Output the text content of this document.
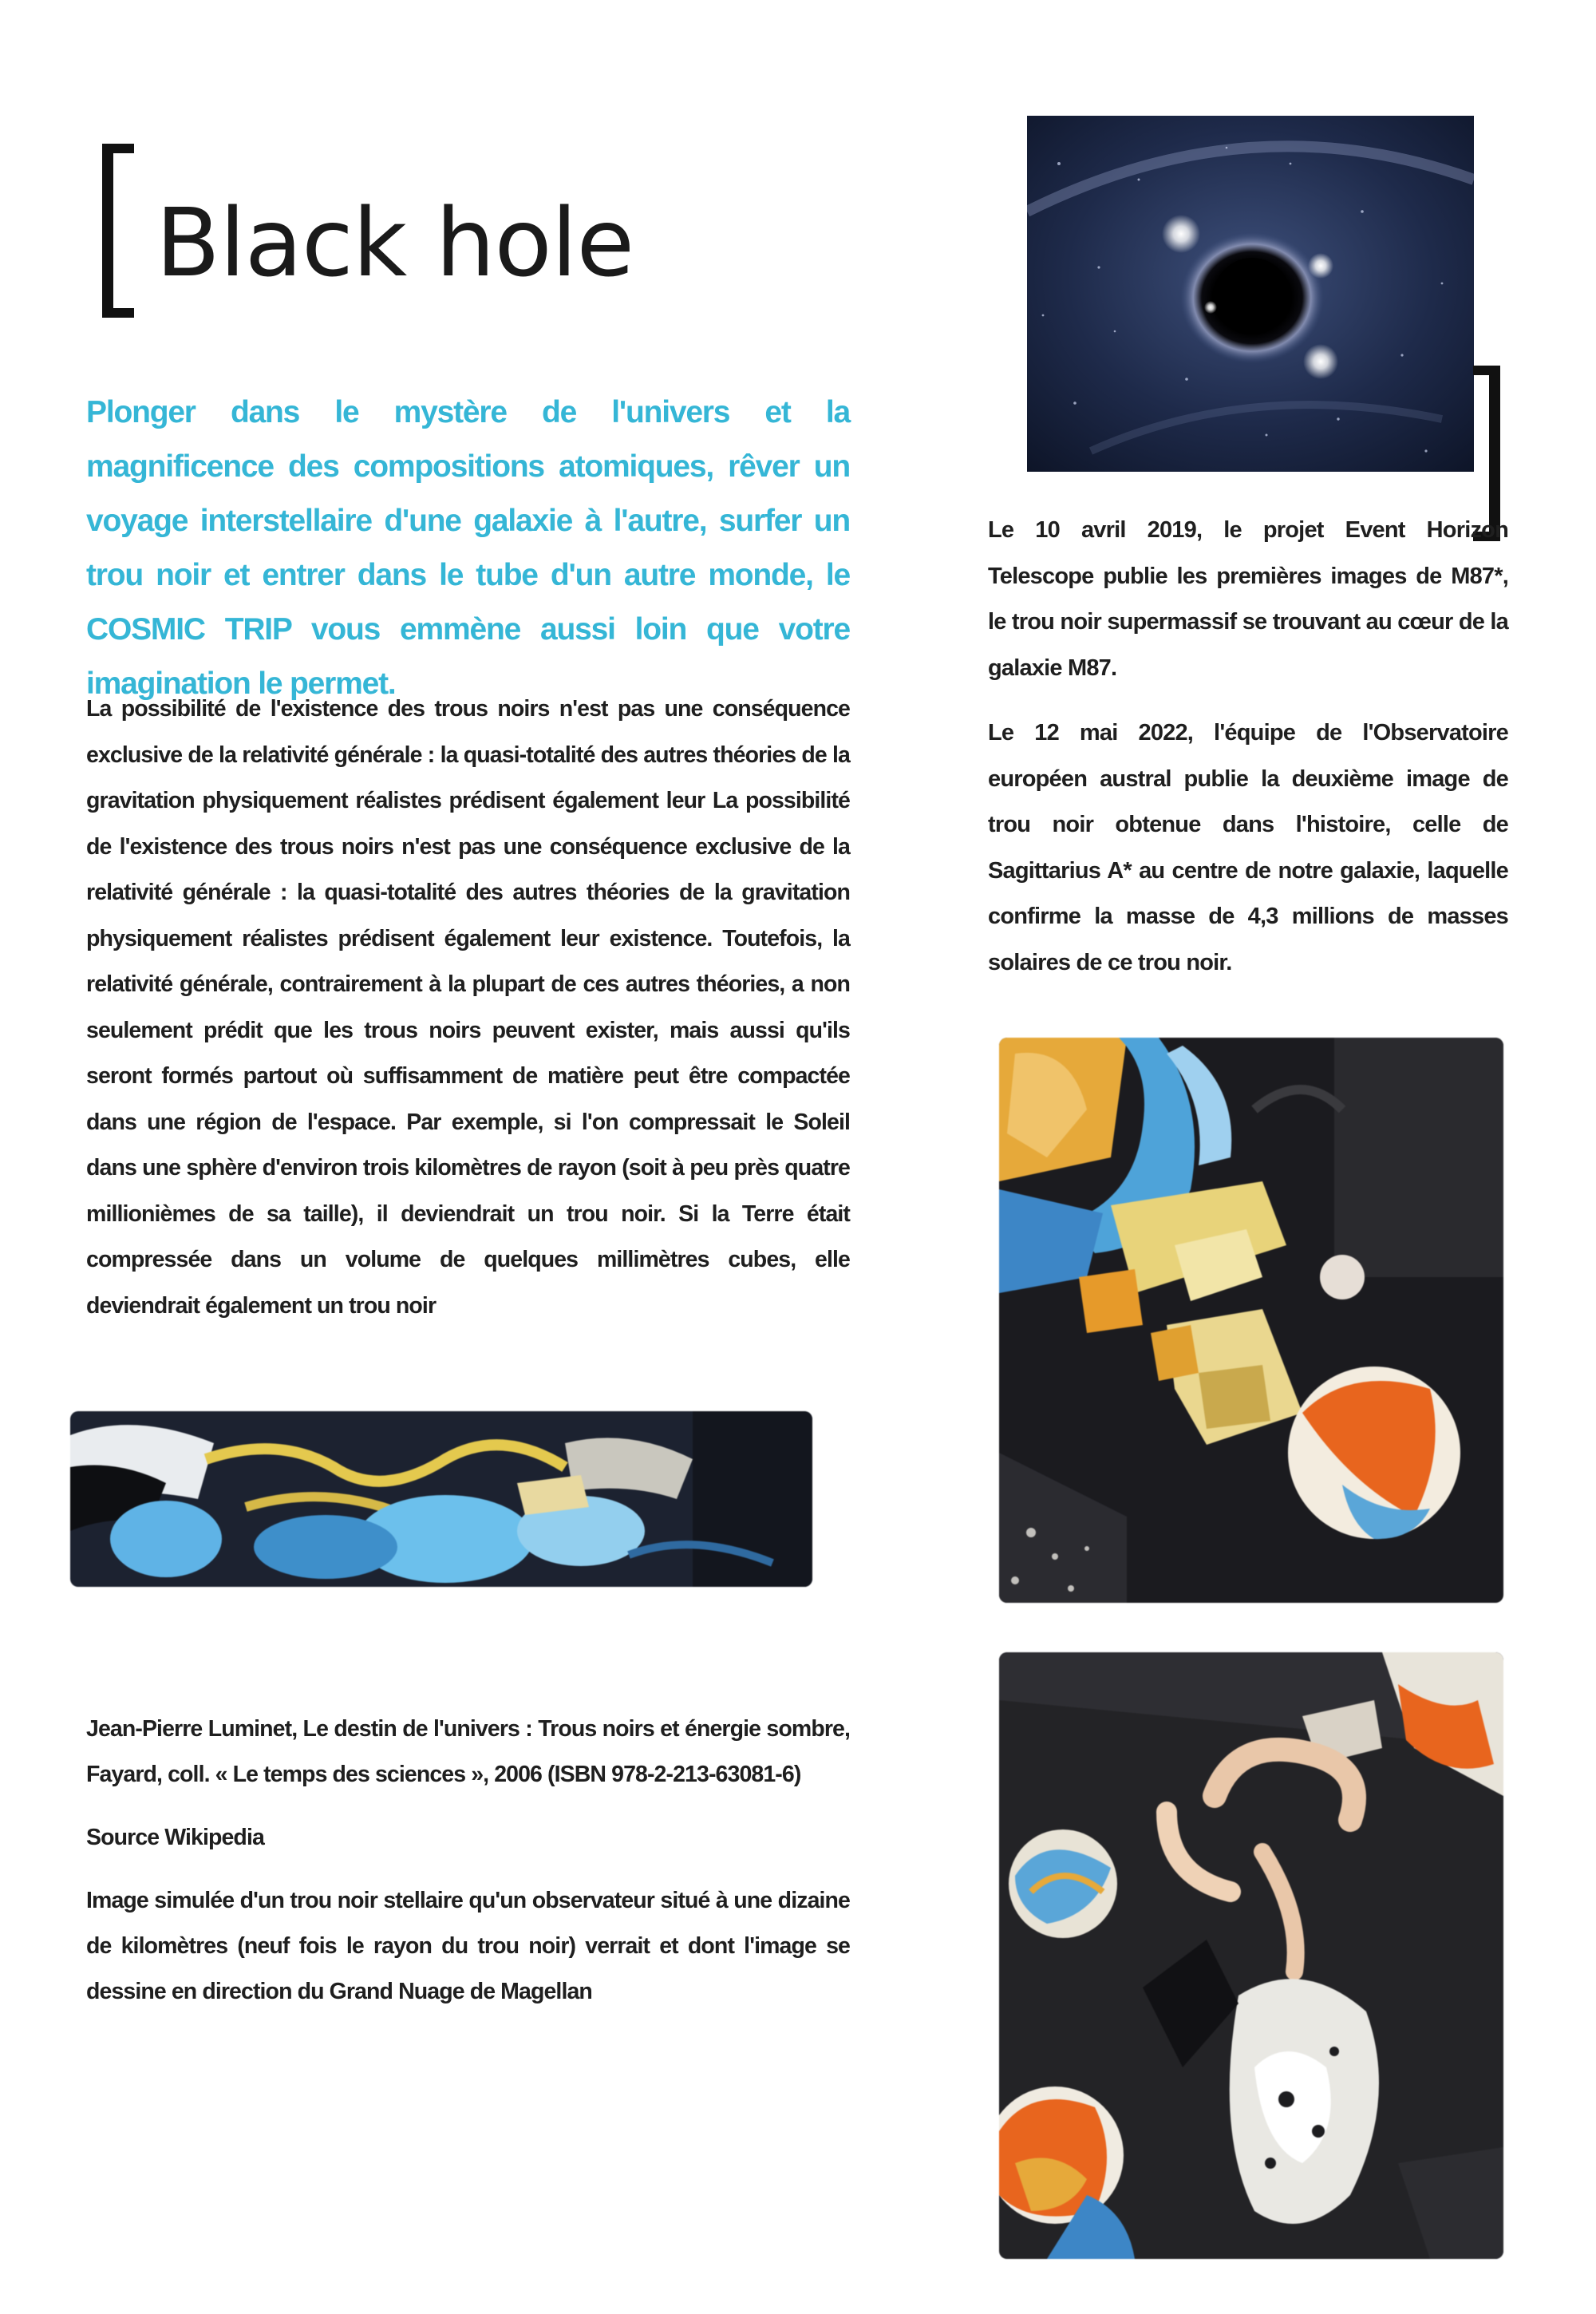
Black hole
Plonger dans le mystère de l'univers et la magnificence des compositions atomiques, rêver un voyage interstellaire d'une galaxie à l'autre, surfer un trou noir et entrer dans le tube d'un autre monde, le COSMIC TRIP vous emmène aussi loin que votre imagination le permet.
La possibilité de l'existence des trous noirs n'est pas une conséquence exclusive de la relativité générale : la quasi-totalité des autres théories de la gravitation physiquement réalistes prédisent également leur La possibilité de l'existence des trous noirs n'est pas une conséquence exclusive de la relativité générale : la quasi-totalité des autres théories de la gravitation physiquement réalistes prédisent également leur existence. Toutefois, la relativité générale, contrairement à la plupart de ces autres théories, a non seulement prédit que les trous noirs peuvent exister, mais aussi qu'ils seront formés partout où suffisamment de matière peut être compactée dans une région de l'espace. Par exemple, si l'on compressait le Soleil dans une sphère d'environ trois kilomètres de rayon (soit à peu près quatre millionièmes de sa taille), il deviendrait un trou noir. Si la Terre était compressée dans un volume de quelques millimètres cubes, elle deviendrait également un trou noir

Jean-Pierre Luminet, Le destin de l'univers : Trous noirs et énergie sombre, Fayard, coll. « Le temps des sciences », 2006 (ISBN 978-2-213-63081-6)

Source Wikipedia

Image simulée d'un trou noir stellaire qu'un observateur situé à une dizaine de kilomètres (neuf fois le rayon du trou noir) verrait et dont l'image se dessine en direction du Grand Nuage de Magellan

Le 10 avril 2019, le projet Event Horizon Telescope publie les premières images de M87*, le trou noir supermassif se trouvant au cœur de la galaxie M87.

Le 12 mai 2022, l'équipe de l'Observatoire européen austral publie la deuxième image de trou noir obtenue dans l'histoire, celle de Sagittarius A* au centre de notre galaxie, laquelle confirme la masse de 4,3 millions de masses solaires de ce trou noir.
